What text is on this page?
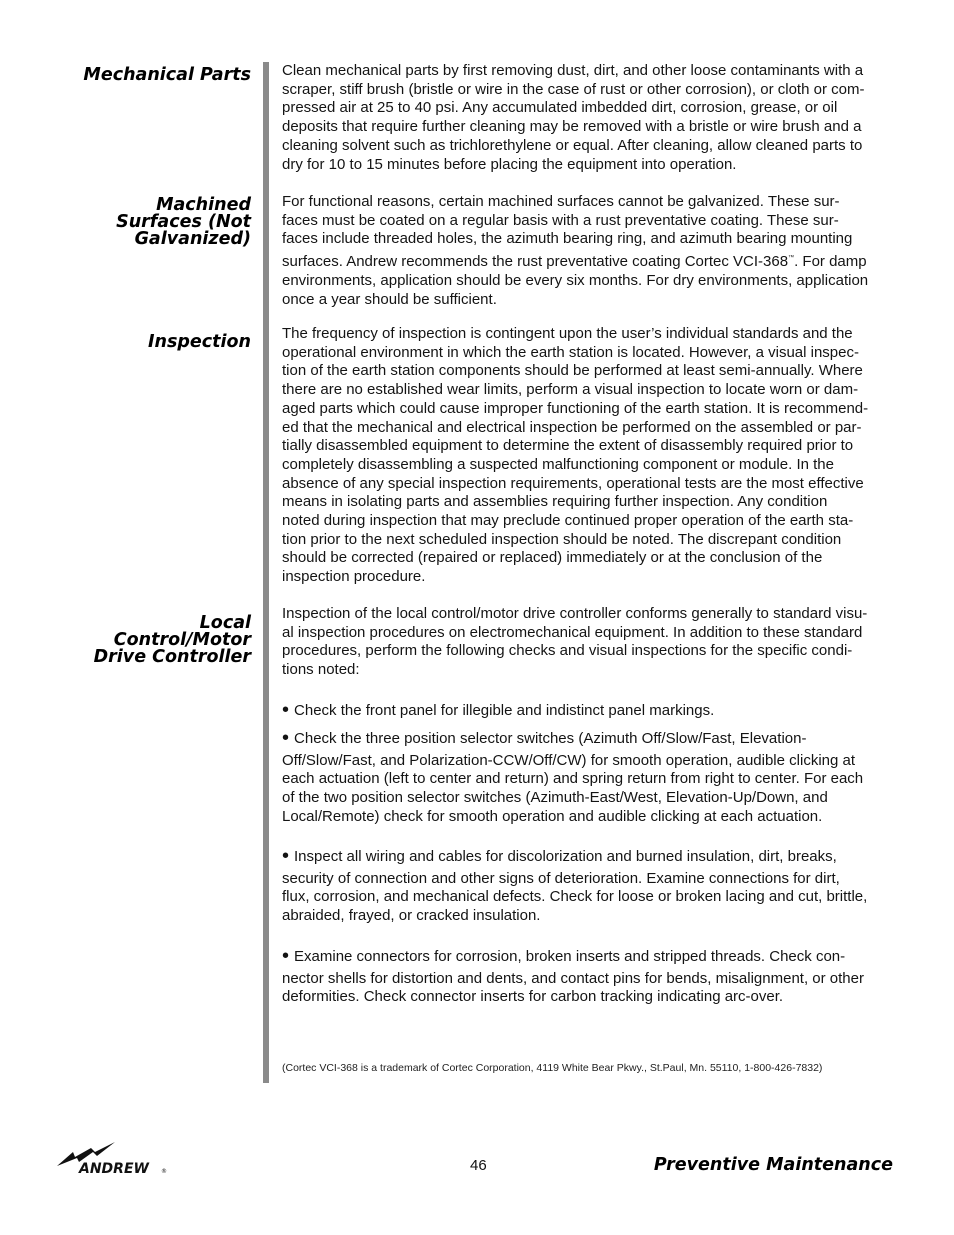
Mechanical Parts Clean mechanical parts by first removing dust, dirt, and other loose contaminants with a
scraper, stiff brush (bristle or wire in the case of rust or other corrosion), or cloth or com-
pressed air at 25 to 40 psi. Any accumulated imbedded dirt, corrosion, grease, or oil
deposits that require further cleaning may be removed with a bristle or wire brush and a
cleaning solvent such as trichlorethylene or equal. After cleaning, allow cleaned parts to
dry for 10 to 15 minutes before placing the equipment into operation.
Machined
Surfaces (Not
Galvanized)
For functional reasons, certain machined surfaces cannot be galvanized. These sur-
faces must be coated on a regular basis with a rust preventative coating. These sur-
faces include threaded holes, the azimuth bearing ring, and azimuth bearing mounting
surfaces. Andrew recommends the rust preventative coating Cortec VCI-368™. For damp
environments, application should be every six months. For dry environments, application
once a year should be sufficient.
Inspection The frequency of inspection is contingent upon the user’s individual standards and the
operational environment in which the earth station is located. However, a visual inspec-
tion of the earth station components should be performed at least semi-annually. Where
there are no established wear limits, perform a visual inspection to locate worn or dam-
aged parts which could cause improper functioning of the earth station. It is recommend-
ed that the mechanical and electrical inspection be performed on the assembled or par-
tially disassembled equipment to determine the extent of disassembly required prior to
completely disassembling a suspected malfunctioning component or module. In the
absence of any special inspection requirements, operational tests are the most effective
means in isolating parts and assemblies requiring further inspection. Any condition
noted during inspection that may preclude continued proper operation of the earth sta-
tion prior to the next scheduled inspection should be noted. The discrepant condition
should be corrected (repaired or replaced) immediately or at the conclusion of the
inspection procedure.
Local
Control/Motor
Drive Controller
Inspection of the local control/motor drive controller conforms generally to standard visu-
al inspection procedures on electromechanical equipment. In addition to these standard
procedures, perform the following checks and visual inspections for the specific condi-
tions noted:
• Check the front panel for illegible and indistinct panel markings.
• Check the three position selector switches (Azimuth Off/Slow/Fast, Elevation-
Off/Slow/Fast, and Polarization-CCW/Off/CW) for smooth operation, audible clicking at
each actuation (left to center and return) and spring return from right to center. For each
of the two position selector switches (Azimuth-East/West, Elevation-Up/Down, and
Local/Remote) check for smooth operation and audible clicking at each actuation.
• Inspect all wiring and cables for discolorization and burned insulation, dirt, breaks,
security of connection and other signs of deterioration. Examine connections for dirt,
flux, corrosion, and mechanical defects. Check for loose or broken lacing and cut, brittle,
abraided, frayed, or cracked insulation.
• Examine connectors for corrosion, broken inserts and stripped threads. Check con-
nector shells for distortion and dents, and contact pins for bends, misalignment, or other
deformities. Check connector inserts for carbon tracking indicating arc-over.
(Cortec VCI-368 is a trademark of Cortec Corporation, 4119 White Bear Pkwy., St.Paul, Mn. 55110, 1-800-426-7832)
ANDREW ®	46	Preventive Maintenance
